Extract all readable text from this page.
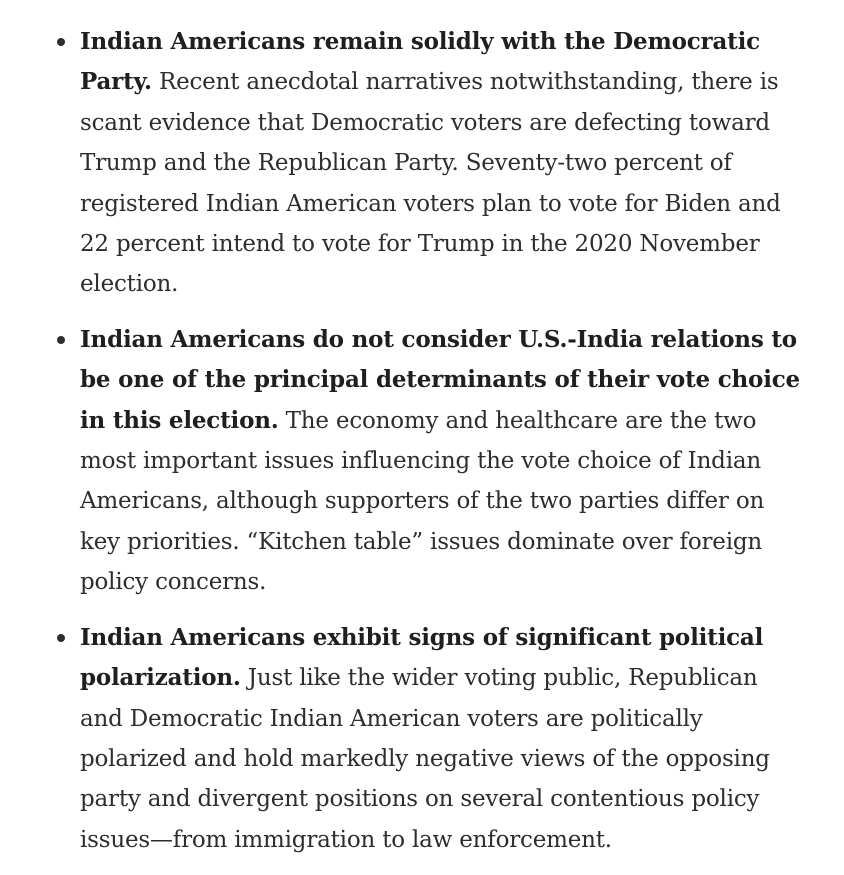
Indian Americans remain solidly with the Democratic Party. Recent anecdotal narratives notwithstanding, there is scant evidence that Democratic voters are defecting toward Trump and the Republican Party. Seventy-two percent of registered Indian American voters plan to vote for Biden and 22 percent intend to vote for Trump in the 2020 November election.
Indian Americans do not consider U.S.-India relations to be one of the principal determinants of their vote choice in this election. The economy and healthcare are the two most important issues influencing the vote choice of Indian Americans, although supporters of the two parties differ on key priorities. “Kitchen table” issues dominate over foreign policy concerns.
Indian Americans exhibit signs of significant political polarization. Just like the wider voting public, Republican and Democratic Indian American voters are politically polarized and hold markedly negative views of the opposing party and divergent positions on several contentious policy issues—from immigration to law enforcement.
